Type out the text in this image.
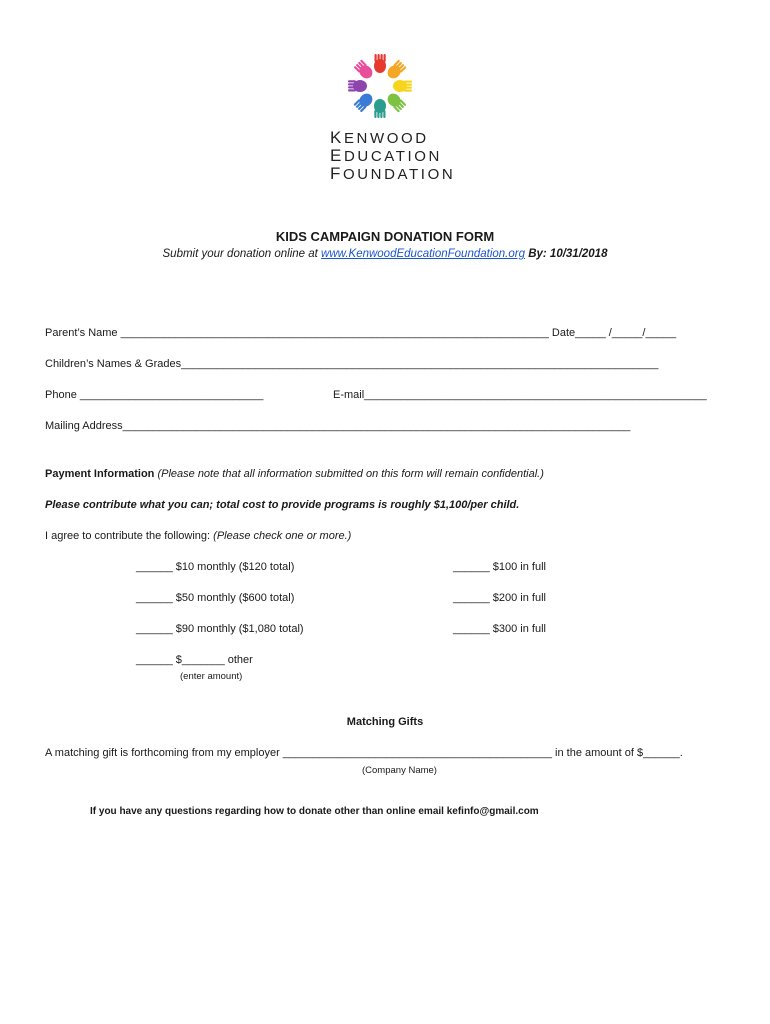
KENWOOD
EDUCATION
FOUNDATION
KIDS CAMPAIGN DONATION FORM
Submit your donation online at www.KenwoodEducationFoundation.org By: 10/31/2018
Parent’s Name ______________________________________________________________________ Date_____ /_____/_____
Children’s Names & Grades______________________________________________________________________________
Phone ______________________________	E-mail________________________________________________________
Mailing Address___________________________________________________________________________________
Payment Information (Please note that all information submitted on this form will remain confidential.)
Please contribute what you can; total cost to provide programs is roughly $1,100/per child.
I agree to contribute the following: (Please check one or more.)
______ $10 monthly ($120 total)
______ $50 monthly ($600 total)
______ $90 monthly ($1,080 total)
______ $100 in full
______ $200 in full
______ $300 in full
______ $_______ other
(enter amount)
Matching Gifts
A matching gift is forthcoming from my employer ____________________________________________ in the amount of $______.
(Company Name)
If you have any questions regarding how to donate other than online email kefinfo@gmail.com
